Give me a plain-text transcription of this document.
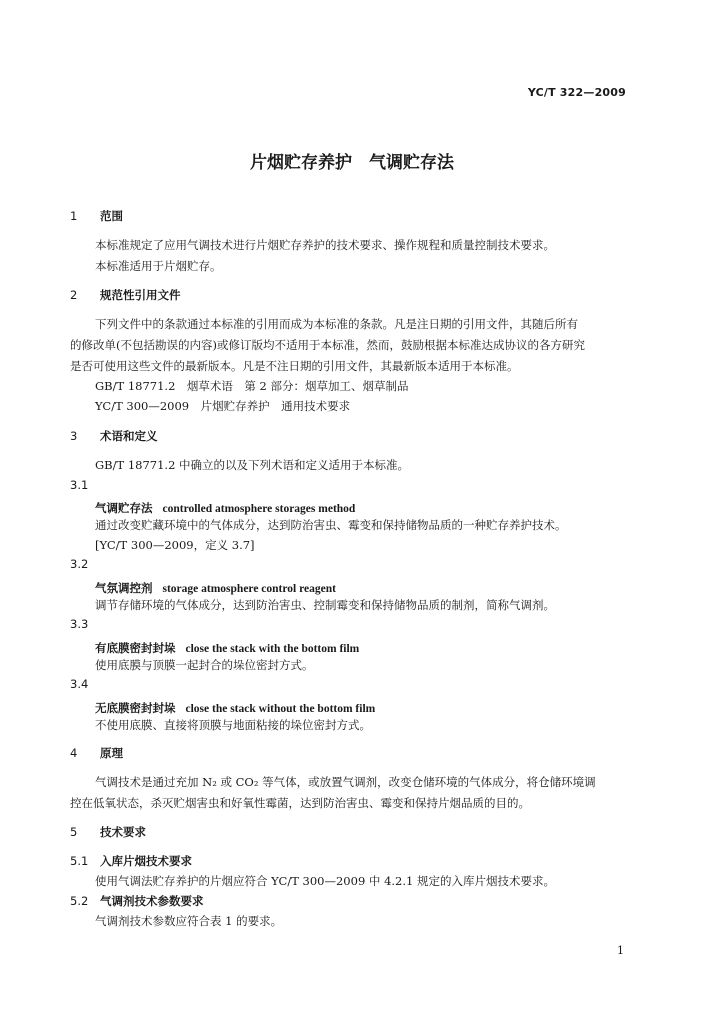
YC/T 322—2009
片烟贮存养护　气调贮存法
1 范围
本标准规定了应用气调技术进行片烟贮存养护的技术要求、操作规程和质量控制技术要求。
本标准适用于片烟贮存。
2 规范性引用文件
下列文件中的条款通过本标准的引用而成为本标准的条款。凡是注日期的引用文件，其随后所有
的修改单(不包括勘误的内容)或修订版均不适用于本标准，然而，鼓励根据本标准达成协议的各方研究
是否可使用这些文件的最新版本。凡是不注日期的引用文件，其最新版本适用于本标准。
GB/T 18771.2　烟草术语　第 2 部分：烟草加工、烟草制品
YC/T 300—2009　片烟贮存养护　通用技术要求
3 术语和定义
GB/T 18771.2 中确立的以及下列术语和定义适用于本标准。
3.1
气调贮存法 controlled atmosphere storages method
通过改变贮藏环境中的气体成分，达到防治害虫、霉变和保持储物品质的一种贮存养护技术。
[YC/T 300—2009，定义 3.7]
3.2
气氛调控剂 storage atmosphere control reagent
调节存储环境的气体成分，达到防治害虫、控制霉变和保持储物品质的制剂，简称气调剂。
3.3
有底膜密封封垛 close the stack with the bottom film
使用底膜与顶膜一起封合的垛位密封方式。
3.4
无底膜密封封垛 close the stack without the bottom film
不使用底膜、直接将顶膜与地面粘接的垛位密封方式。
4 原理
气调技术是通过充加 N₂ 或 CO₂ 等气体，或放置气调剂，改变仓储环境的气体成分，将仓储环境调
控在低氧状态，杀灭贮烟害虫和好氧性霉菌，达到防治害虫、霉变和保持片烟品质的目的。
5 技术要求
5.1 入库片烟技术要求
使用气调法贮存养护的片烟应符合 YC/T 300—2009 中 4.2.1 规定的入库片烟技术要求。
5.2 气调剂技术参数要求
气调剂技术参数应符合表 1 的要求。
1
